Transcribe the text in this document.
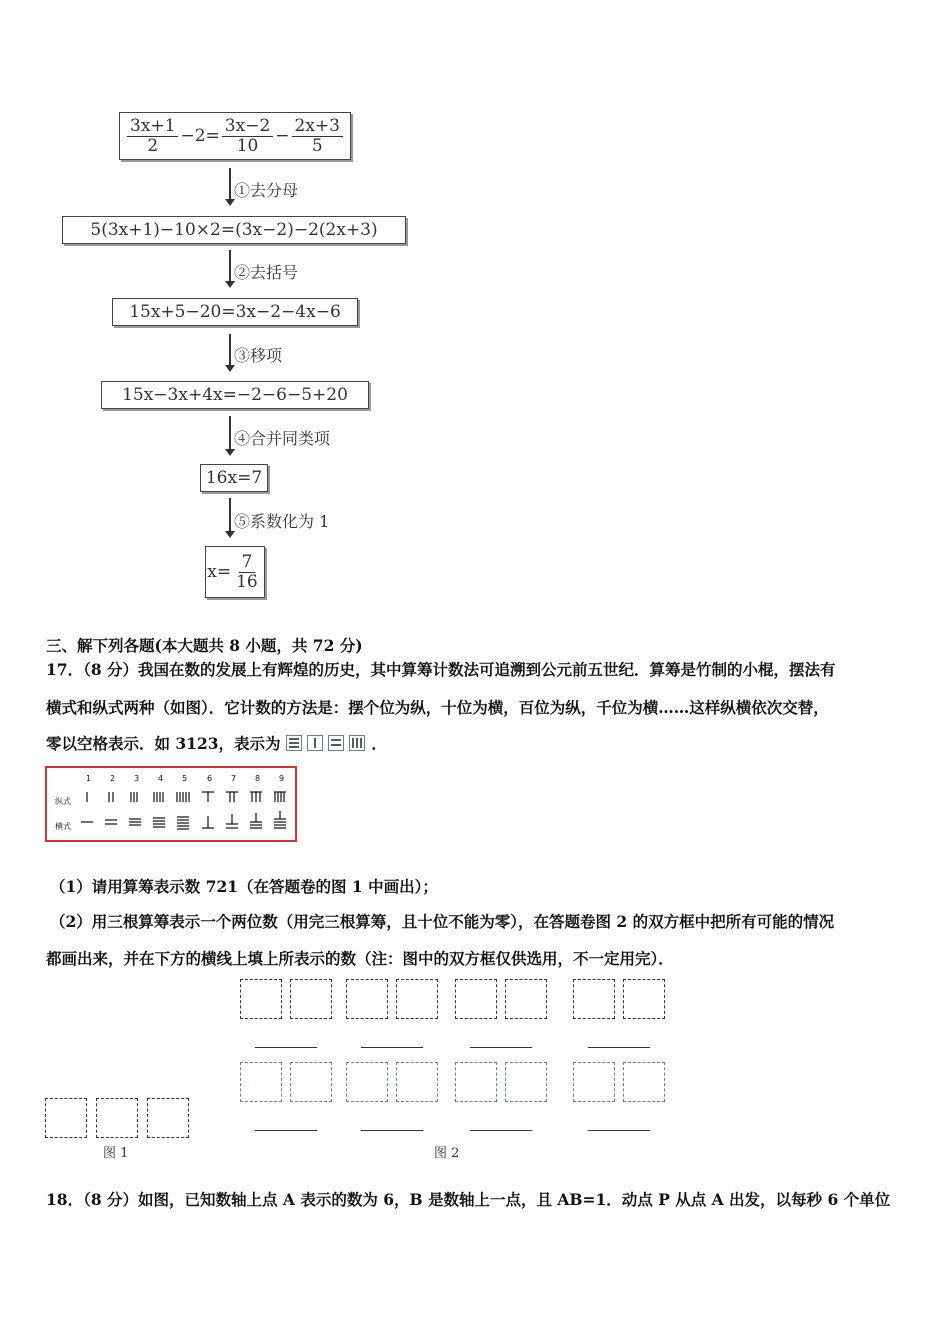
$\frac{3x+1}{2} -2= \frac{3x-2}{10} - \frac{2x+3}{5}$
①去分母
5(3x+1)−10×2=(3x−2)−2(2x+3)
②去括号
15x+5−20=3x−2−4x−6
③移项
15x−3x+4x=−2−6−5+20
④合并同类项
16x=7
⑤系数化为 1
$x= \frac{7}{16}$
三、解下列各题(本大题共 8 小题，共 72 分)
17．（8 分）我国在数的发展上有辉煌的历史，其中算筹计数法可追溯到公元前五世纪．算筹是竹制的小棍，摆法有
横式和纵式两种（如图）．它计数的方法是：摆个位为纵，十位为横，百位为纵，千位为横……这样纵横依次交替，
零以空格表示．如 3123，表示为	．
1 2 3 4 5 6 7 8 9
纵式
横式
（1）请用算筹表示数 721（在答题卷的图 1 中画出）；
（2）用三根算筹表示一个两位数（用完三根算筹，且十位不能为零），在答题卷图 2 的双方框中把所有可能的情况
都画出来，并在下方的横线上填上所表示的数（注：图中的双方框仅供选用，不一定用完）．
图 1	图 2
18．（8 分）如图，已知数轴上点 A 表示的数为 6，B 是数轴上一点，且 AB=1．动点 P 从点 A 出发，以每秒 6 个单位
